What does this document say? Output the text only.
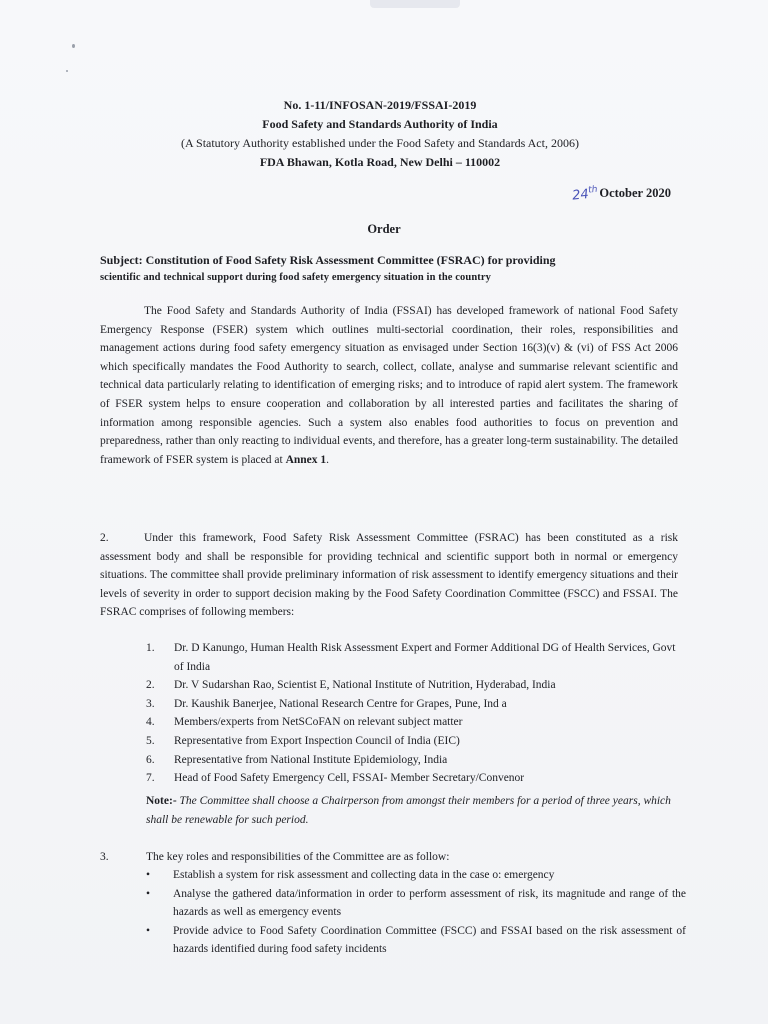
No. 1-11/INFOSAN-2019/FSSAI-2019
Food Safety and Standards Authority of India
(A Statutory Authority established under the Food Safety and Standards Act, 2006)
FDA Bhawan, Kotla Road, New Delhi – 110002
24th October 2020
Order
Subject: Constitution of Food Safety Risk Assessment Committee (FSRAC) for providing
scientific and technical support during food safety emergency situation in the country
The Food Safety and Standards Authority of India (FSSAI) has developed framework of national Food Safety Emergency Response (FSER) system which outlines multi-sectorial coordination, their roles, responsibilities and management actions during food safety emergency situation as envisaged under Section 16(3)(v) & (vi) of FSS Act 2006 which specifically mandates the Food Authority to search, collect, collate, analyse and summarise relevant scientific and technical data particularly relating to identification of emerging risks; and to introduce of rapid alert system. The framework of FSER system helps to ensure cooperation and collaboration by all interested parties and facilitates the sharing of information among responsible agencies. Such a system also enables food authorities to focus on prevention and preparedness, rather than only reacting to individual events, and therefore, has a greater long-term sustainability. The detailed framework of FSER system is placed at Annex 1.
2.	Under this framework, Food Safety Risk Assessment Committee (FSRAC) has been constituted as a risk assessment body and shall be responsible for providing technical and scientific support both in normal or emergency situations. The committee shall provide preliminary information of risk assessment to identify emergency situations and their levels of severity in order to support decision making by the Food Safety Coordination Committee (FSCC) and FSSAI. The FSRAC comprises of following members:
1.	Dr. D Kanungo, Human Health Risk Assessment Expert and Former Additional DG of Health Services, Govt of India
2.	Dr. V Sudarshan Rao, Scientist E, National Institute of Nutrition, Hyderabad, India
3.	Dr. Kaushik Banerjee, National Research Centre for Grapes, Pune, Ind a
4.	Members/experts from NetSCoFAN on relevant subject matter
5.	Representative from Export Inspection Council of India (EIC)
6.	Representative from National Institute Epidemiology, India
7.	Head of Food Safety Emergency Cell, FSSAI- Member Secretary/Convenor
Note:- The Committee shall choose a Chairperson from amongst their members for a period of three years, which shall be renewable for such period.
3.	The key roles and responsibilities of the Committee are as follow:
•	Establish a system for risk assessment and collecting data in the case o: emergency
•	Analyse the gathered data/information in order to perform assessment of risk, its magnitude and range of the hazards as well as emergency events
•	Provide advice to Food Safety Coordination Committee (FSCC) and FSSAI based on the risk assessment of hazards identified during food safety incidents
